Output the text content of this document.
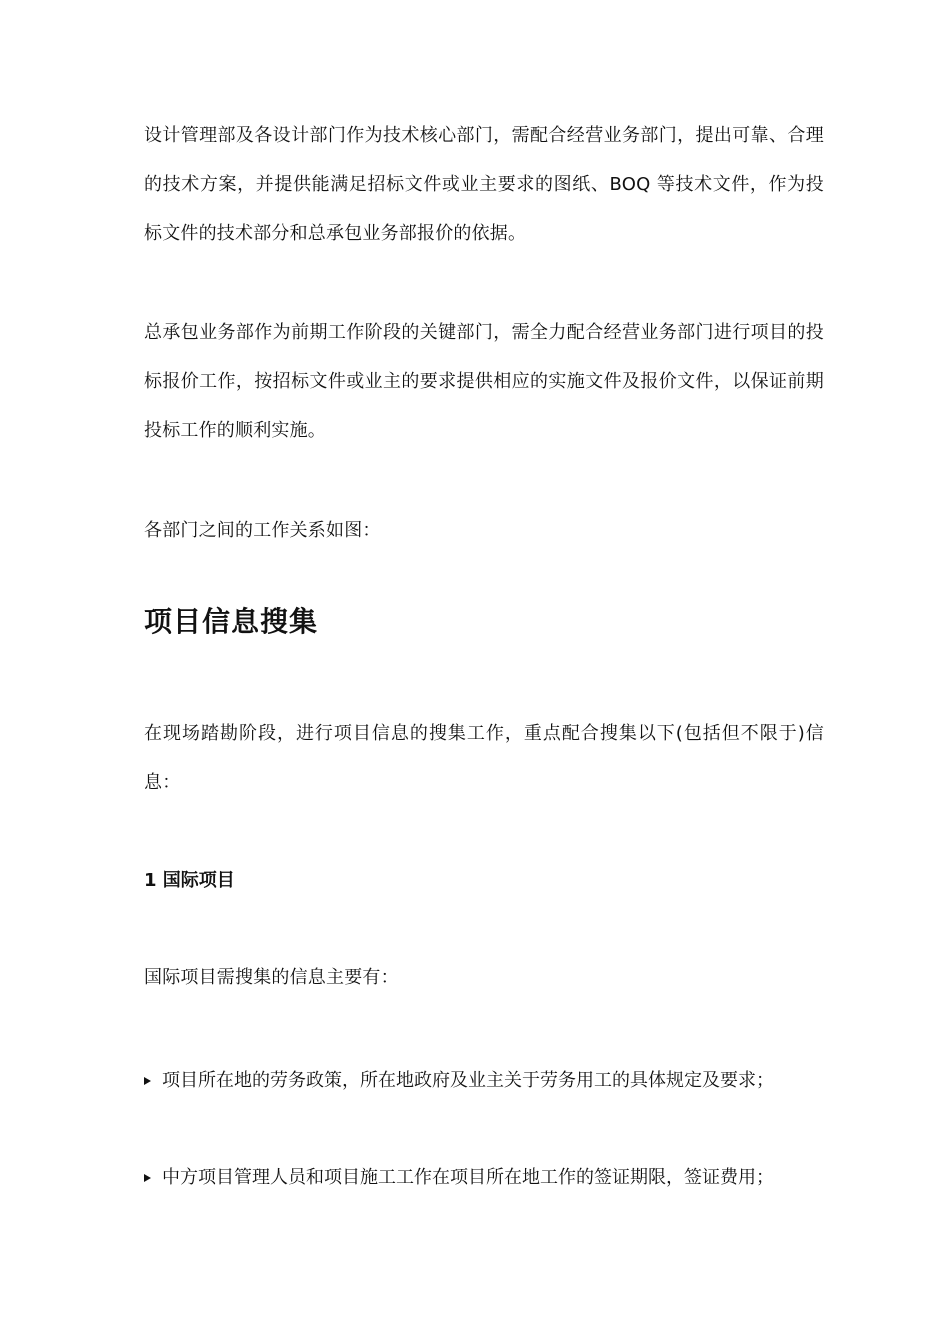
设计管理部及各设计部门作为技术核心部门，需配合经营业务部门，提出可靠、合理的技术方案，并提供能满足招标文件或业主要求的图纸、BOQ 等技术文件，作为投标文件的技术部分和总承包业务部报价的依据。

总承包业务部作为前期工作阶段的关键部门，需全力配合经营业务部门进行项目的投标报价工作，按招标文件或业主的要求提供相应的实施文件及报价文件，以保证前期投标工作的顺利实施。

各部门之间的工作关系如图：

项目信息搜集

在现场踏勘阶段，进行项目信息的搜集工作，重点配合搜集以下(包括但不限于)信息：

1 国际项目

国际项目需搜集的信息主要有：

项目所在地的劳务政策，所在地政府及业主关于劳务用工的具体规定及要求；
中方项目管理人员和项目施工工作在项目所在地工作的签证期限，签证费用；
